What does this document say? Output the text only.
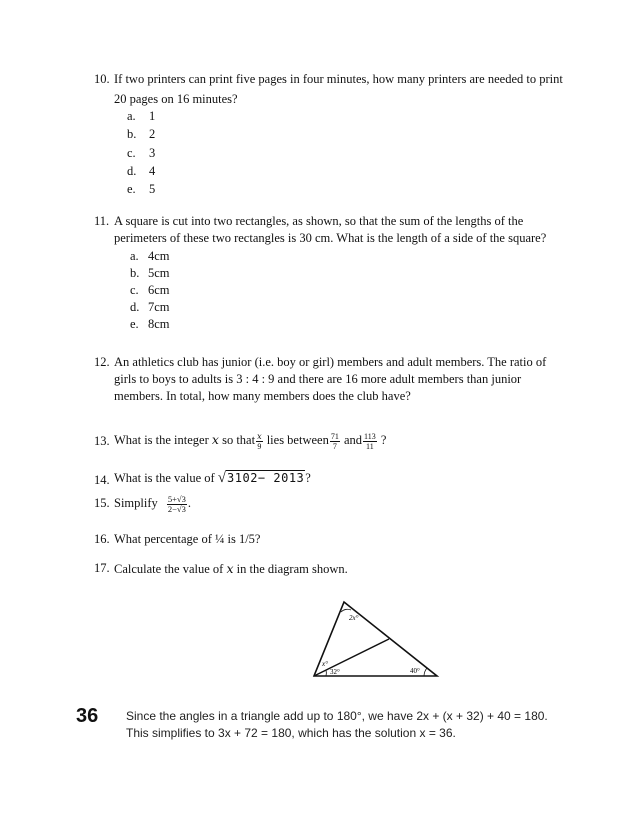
10. If two printers can print five pages in four minutes, how many printers are needed to print
20 pages on 16 minutes?
a. 1
b. 2
c. 3
d. 4
e. 5
11. A square is cut into two rectangles, as shown, so that the sum of the lengths of the
perimeters of these two rectangles is 30 cm. What is the length of a side of the square?
a. 4cm
b. 5cm
c. 6cm
d. 7cm
e. 8cm
12. An athletics club has junior (i.e. boy or girl) members and adult members. The ratio of
girls to boys to adults is 3 : 4 : 9 and there are 16 more adult members than junior
members. In total, how many members does the club have?
13. What is the integer x so that $\frac{x}{9}$ lies between $\frac{71}{7}$ and $\frac{113}{11}$ ?
14. What is the value of √3102− 2013?
15. Simplify $\frac{5+√3}{2-√3}$ .
16. What percentage of ¼ is 1/5?
17. Calculate the value of x in the diagram shown.
2x°
x°
32°	40°
36 Since the angles in a triangle add up to 180°, we have 2x + (x + 32) + 40 = 180.
This simplifies to 3x + 72 = 180, which has the solution x = 36.
